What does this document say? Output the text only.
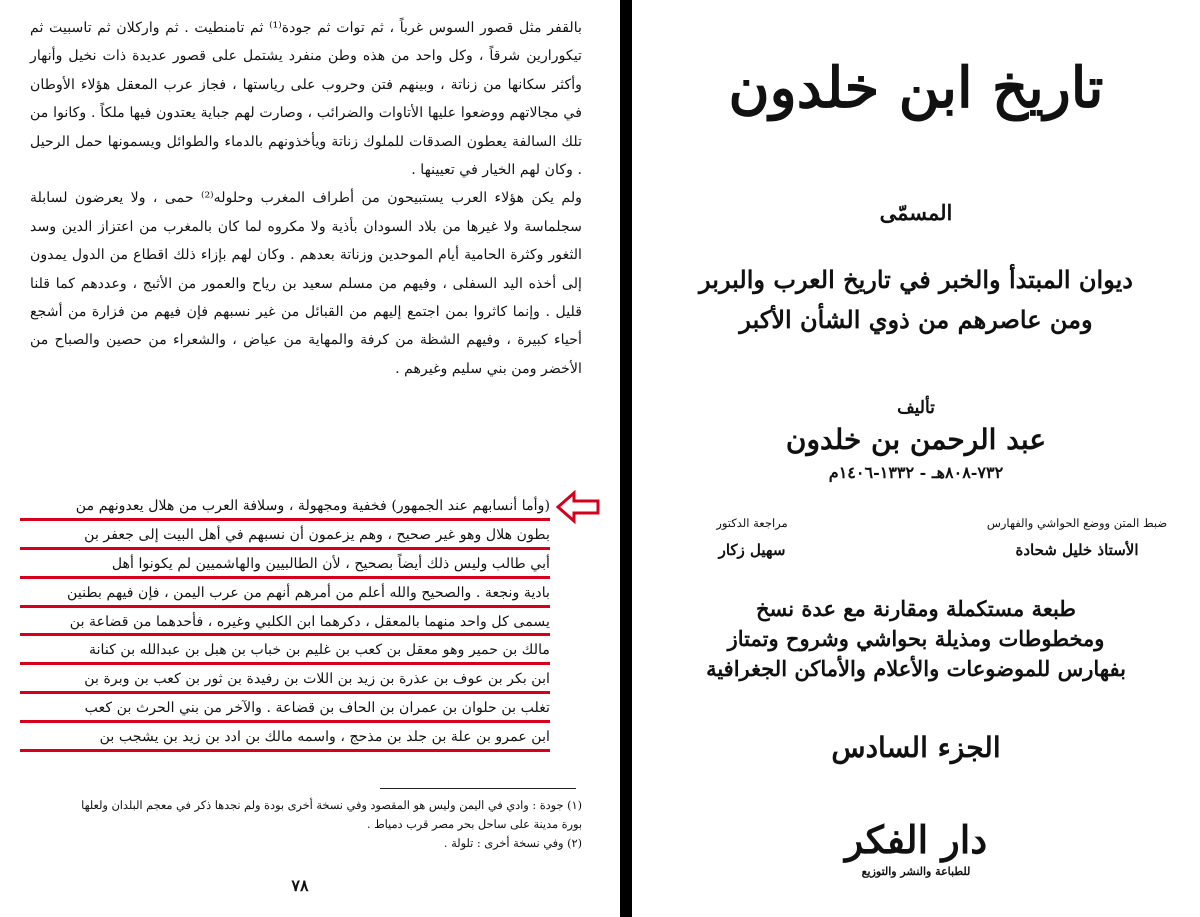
بالقفر مثل قصور السوس غرباً ، ثم توات ثم جودة⁽¹⁾ ثم تامنطيت . ثم واركلان ثم تاسبيت ثم تيكورارين شرقاً ، وكل واحد من هذه وطن منفرد يشتمل على قصور عديدة ذات نخيل وأنهار وأكثر سكانها من زناتة ، وبينهم فتن وحروب على رياستها ، فجاز عرب المعقل هؤلاء الأوطان في مجالاتهم ووضعوا عليها الأتاوات والضرائب ، وصارت لهم جباية يعتدون فيها ملكاً . وكانوا من تلك السالفة يعطون الصدقات للملوك زناتة ويأخذونهم بالدماء والطوائل ويسمونها حمل الرحيل . وكان لهم الخيار في تعيينها .

ولم يكن هؤلاء العرب يستبيحون من أطراف المغرب وحلوله⁽²⁾ حمى ، ولا يعرضون لسابلة سجلماسة ولا غيرها من بلاد السودان بأذية ولا مكروه لما كان بالمغرب من اعتزاز الدين وسد الثغور وكثرة الحامية أيام الموحدين وزناتة بعدهم . وكان لهم بإزاء ذلك اقطاع من الدول يمدون إلى أخذه اليد السفلى ، وفيهم من مسلم سعيد بن رياح والعمور من الأثبج ، وعددهم كما قلنا قليل . وإنما كاثروا بمن اجتمع إليهم من القبائل من غير نسبهم فإن فيهم من فزارة من أشجع أحياء كبيرة ، وفيهم الشظة من كرفة والمهاية من عياض ، والشعراء من حصين والصباح من الأخضر ومن بني سليم وغيرهم .

(وأما أنسابهم عند الجمهور) فخفية ومجهولة ، وسلافة العرب من هلال يعدونهم من
بطون هلال وهو غير صحيح ، وهم يزعمون أن نسبهم في أهل البيت إلى جعفر بن
أبي طالب وليس ذلك أيضاً بصحيح ، لأن الطالبيين والهاشميين لم يكونوا أهل
بادية ونجعة . والصحيح والله أعلم من أمرهم أنهم من عرب اليمن ، فإن فيهم بطنين
يسمى كل واحد منهما بالمعقل ، دكرهما ابن الكلبي وغيره ، فأحدهما من قضاعة بن
مالك بن حمير وهو معقل بن كعب بن غليم بن خباب بن هبل بن عبدالله بن كنانة
ابن بكر بن عوف بن عذرة بن زيد بن اللات بن رفيدة بن ثور بن كعب بن وبرة بن
تغلب بن حلوان بن عمران بن الحاف بن قضاعة . والآخر من بني الحرث بن كعب
ابن عمرو بن علة بن جلد بن مذحج ، واسمه مالك بن ادد بن زيد بن يشجب بن

(١) جودة : وادي في اليمن وليس هو المقصود وفي نسخة أخرى بودة ولم نجدها ذكر في معجم البلدان ولعلها

بورة مدينة على ساحل بحر مصر قرب دمياط .

(٢) وفي نسخة أخرى : تلولة .

٧٨
تاريخ ابن خلدون
المسمّى
ديوان المبتدأ والخبر في تاريخ العرب والبربر
ومن عاصرهم من ذوي الشأن الأكبر
تأليف
عبد الرحمن بن خلدون
٧٣٢-٨٠٨هـ - ١٣٣٢-١٤٠٦م
ضبط المتن ووضع الحواشي والفهارس
الأستاذ خليل شحادة
مراجعة الدكتور
سهيل زكار
طبعة مستكملة ومقارنة مع عدة نسخ
ومخطوطات ومذيلة بحواشي وشروح وتمتاز
بفهارس للموضوعات والأعلام والأماكن الجغرافية
الجزء السادس
دار الفكر
للطباعة والنشر والتوزيع
